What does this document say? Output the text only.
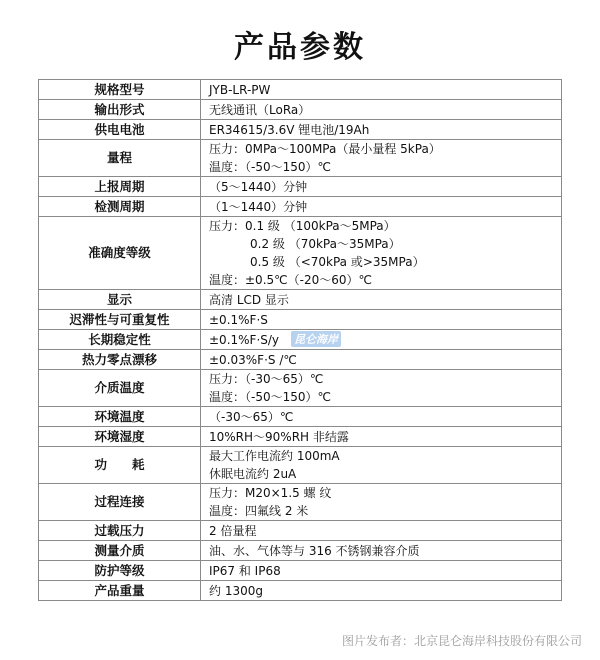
产品参数
规格型号	JYB-LR-PW

输出形式	无线通讯（LoRa）

供电电池	ER34615/3.6V 锂电池/19Ah

量程	压力：0MPa～100MPa（最小量程 5kPa）
温度：（-50～150）℃

上报周期	（5～1440）分钟

检测周期	（1～1440）分钟

准确度等级	压力：0.1 级 （100kPa～5MPa）
0.2 级 （70kPa～35MPa）
0.5 级 （<70kPa 或>35MPa）
温度：±0.5℃（-20～60）℃

显示	高清 LCD 显示

迟滞性与可重复性	±0.1%F·S

长期稳定性	±0.1%F·S/y

热力零点漂移	±0.03%F·S /℃

介质温度	压力：（-30～65）℃
温度：（-50～150）℃

环境温度	（-30～65）℃

环境湿度	10%RH～90%RH 非结露

功　　耗	最大工作电流约 100mA
休眠电流约 2uA

过程连接	压力：M20×1.5 螺 纹
温度：四氟线 2 米

过载压力	2 倍量程

测量介质	油、水、气体等与 316 不锈钢兼容介质

防护等级	IP67 和 IP68

产品重量	约 1300g
昆仑海岸
图片发布者：北京昆仑海岸科技股份有限公司
